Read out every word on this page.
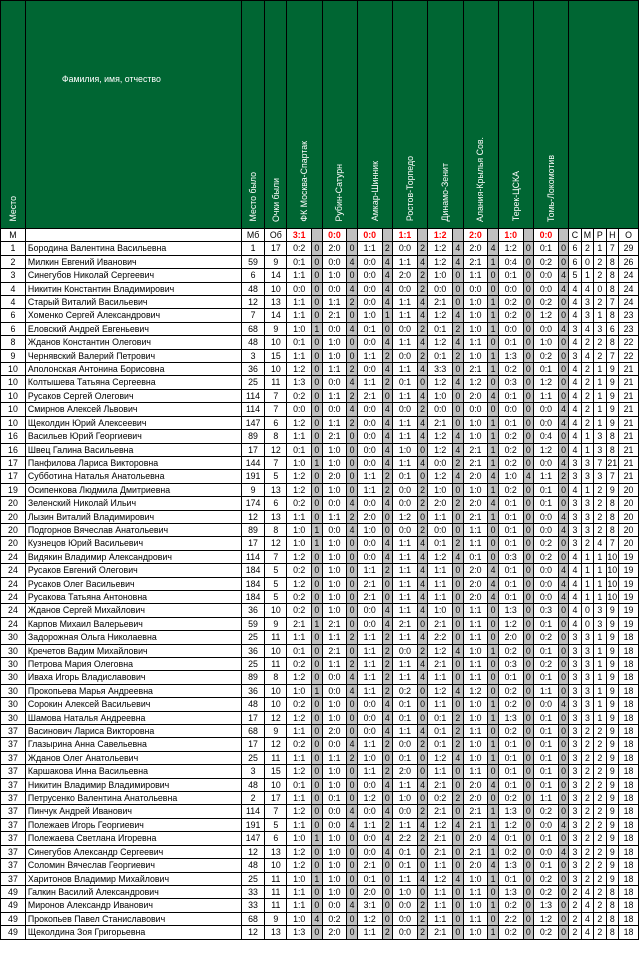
Место	Фамилия, имя, отчество	Место было	Очки были	ФК Москва-Спартак		Рубин-Сатурн		Амкар-Шинник		Ростов-Торпедо		Динамо-Зенит		Алания-Крылья Сов.		Терек-ЦСКА		Томь-Локомотив						
М		Мб	Об	3:1		0:0		0:0		1:1		1:2		2:0		1:0		0:0		С	М	Р	Н	О
1	Бородина Валентина Васильевна	1	17	0:2	0	2:0	0	1:1	2	0:0	2	1:2	4	2:0	4	1:2	0	0:1	0	6	2	1	7	29
2	Милкин Евгений Иванович	59	9	0:1	0	0:0	4	0:0	4	1:1	4	1:2	4	2:1	1	0:4	0	0:2	0	6	0	2	8	26
3	Синегубов Николай Сергеевич	6	14	1:1	0	1:0	0	0:0	4	2:0	2	1:0	0	1:1	0	0:1	0	0:0	4	5	1	2	8	24
4	Никитин Константин Владимирович	48	10	0:0	0	0:0	4	0:0	4	0:0	2	0:0	0	0:0	0	0:0	0	0:0	4	4	4	0	8	24
4	Старый Виталий Васильевич	12	13	1:1	0	1:1	2	0:0	4	1:1	4	2:1	0	1:0	1	0:2	0	0:2	0	4	3	2	7	24
6	Хоменко Сергей Александрович	7	14	1:1	0	2:1	0	1:0	1	1:1	4	1:2	4	1:0	1	0:2	0	1:2	0	4	3	1	8	23
6	Еловский Андрей Евгеньевич	68	9	1:0	1	0:0	4	0:1	0	0:0	2	0:1	2	1:0	1	0:0	0	0:0	4	3	4	3	6	23
8	Жданов Константин Олегович	48	10	0:1	0	1:0	0	0:0	4	1:1	4	1:2	4	1:1	0	0:1	0	1:0	0	4	2	2	8	22
9	Чернявский Валерий Петрович	3	15	1:1	0	1:0	0	1:1	2	0:0	2	0:1	2	1:0	1	1:3	0	0:2	0	3	4	2	7	22
10	Аполонская Антонина Борисовна	36	10	1:2	0	1:1	2	0:0	4	1:1	4	3:3	0	2:1	1	0:2	0	0:1	0	4	2	1	9	21
10	Колтышева Татьяна Сергеевна	25	11	1:3	0	0:0	4	1:1	2	0:1	0	1:2	4	1:2	0	0:3	0	1:2	0	4	2	1	9	21
10	Русаков Сергей Олегович	114	7	0:2	0	1:1	2	2:1	0	1:1	4	1:0	0	2:0	4	0:1	0	1:1	0	4	2	1	9	21
10	Смирнов Алексей Львович	114	7	0:0	0	0:0	4	0:0	4	0:0	2	0:0	0	0:0	0	0:0	0	0:0	4	4	2	1	9	21
10	Щеколдин Юрий Алексеевич	147	6	1:2	0	1:1	2	0:0	4	1:1	4	2:1	0	1:0	1	0:1	0	0:0	4	4	2	1	9	21
16	Васильев Юрий Георгиевич	89	8	1:1	0	2:1	0	0:0	4	1:1	4	1:2	4	1:0	1	0:2	0	0:4	0	4	1	3	8	21
16	Швец Галина Васильевна	17	12	0:1	0	1:0	0	0:0	4	1:0	0	1:2	4	2:1	1	0:2	0	1:2	0	4	1	3	8	21
17	Панфилова Лариса Викторовна	144	7	1:0	1	1:0	0	0:0	4	1:1	4	0:0	2	2:1	1	0:2	0	0:0	4	3	3	7	21	21
17	Субботина Наталья Анатольевна	191	5	1:2	0	2:0	0	1:1	2	0:1	0	1:2	4	2:0	4	1:0	4	1:1	2	3	3	3	7	21
19	Осипенкова Людмила Дмитриевна	9	13	1:2	0	1:0	0	1:1	2	0:0	2	1:0	0	1:0	1	0:2	0	0:1	0	4	1	2	9	20
20	Зеленский Николай Ильич	174	6	0:2	0	0:0	4	0:0	4	0:0	2	2:0	2	2:0	4	0:1	0	0:1	0	3	3	2	8	20
20	Лызин Виталий Владимирович	12	13	1:1	0	1:1	2	2:0	0	1:2	0	1:1	0	2:1	1	0:1	0	0:0	4	3	3	2	8	20
20	Подгорнов Вячеслав Анатольевич	89	8	1:0	1	0:0	4	1:0	0	0:0	2	0:0	0	1:1	0	0:1	0	0:0	4	3	3	2	8	20
20	Кузнецов Юрий Васильевич	17	12	1:0	1	1:0	0	0:0	4	1:1	4	0:1	2	1:1	0	0:1	0	0:2	0	3	2	4	7	20
24	Видякин Владимир Александрович	114	7	1:2	0	1:0	0	0:0	4	1:1	4	1:2	4	0:1	0	0:3	0	0:2	0	4	1	1	10	19
24	Русаков Евгений Олегович	184	5	0:2	0	1:0	0	1:1	2	1:1	4	1:1	0	2:0	4	0:1	0	0:0	4	4	1	1	10	19
24	Русаков Олег Васильевич	184	5	1:2	0	1:0	0	2:1	0	1:1	4	1:1	0	2:0	4	0:1	0	0:0	4	4	1	1	10	19
24	Русакова Татьяна Антоновна	184	5	0:2	0	1:0	0	2:1	0	1:1	4	1:1	0	2:0	4	0:1	0	0:0	4	4	1	1	10	19
24	Жданов Сергей Михайлович	36	10	0:2	0	1:0	0	0:0	4	1:1	4	1:0	0	1:1	0	1:3	0	0:3	0	4	0	3	9	19
24	Карпов Михаил Валерьевич	59	9	2:1	1	2:1	0	0:0	4	2:1	0	2:1	0	1:1	0	1:2	0	0:1	0	4	0	3	9	19
30	Задорожная Ольга Николаевна	25	11	1:1	0	1:1	2	1:1	2	1:1	4	2:2	0	1:1	0	2:0	0	0:2	0	3	3	1	9	18
30	Кречетов Вадим Михайлович	36	10	0:1	0	2:1	0	1:1	2	0:0	2	1:2	4	1:0	1	0:2	0	0:1	0	3	3	1	9	18
30	Петрова Мария Олеговна	25	11	0:2	0	1:1	2	1:1	2	1:1	4	2:1	0	1:1	0	0:3	0	0:2	0	3	3	1	9	18
30	Иваха Игорь Владиславович	89	8	1:2	0	0:0	4	1:1	2	1:1	4	1:1	0	1:1	0	0:1	0	0:1	0	3	3	1	9	18
30	Прокопьева Марья Андреевна	36	10	1:0	1	0:0	4	1:1	2	0:2	0	1:2	4	1:2	0	0:2	0	1:1	0	3	3	1	9	18
30	Сорокин Алексей Васильевич	48	10	0:2	0	1:0	0	0:0	4	0:1	0	1:1	0	1:0	1	0:2	0	0:0	4	3	3	1	9	18
30	Шамова Наталья Андреевна	17	12	1:2	0	1:0	0	0:0	4	0:1	0	0:1	2	1:0	1	1:3	0	0:1	0	3	3	1	9	18
37	Васинович Лариса Викторовна	68	9	1:1	0	2:0	0	0:0	4	1:1	4	0:1	2	1:1	0	0:2	0	0:1	0	3	2	2	9	18
37	Глазырина Анна Савельевна	17	12	0:2	0	0:0	4	1:1	2	0:0	2	0:1	2	1:0	1	0:1	0	0:1	0	3	2	2	9	18
37	Жданов Олег Анатольевич	25	11	1:1	0	1:1	2	1:0	0	0:1	0	1:2	4	1:0	1	0:1	0	0:1	0	3	2	2	9	18
37	Каршакова Инна Васильевна	3	15	1:2	0	1:0	0	1:1	2	2:0	0	1:1	0	1:1	0	0:1	0	0:1	0	3	2	2	9	18
37	Никитин Владимир Владимирович	48	10	0:1	0	1:0	0	0:0	4	1:1	4	2:1	0	2:0	4	0:1	0	0:1	0	3	2	2	9	18
37	Петрусенко Валентина Анатольевна	2	17	1:1	0	0:1	0	1:2	0	1:0	0	0:2	2	2:0	0	0:2	0	1:1	0	3	2	2	9	18
37	Пинчук Андрей Иванович	114	7	1:2	0	0:0	4	0:0	4	0:0	2	2:1	0	2:1	1	1:3	0	0:2	0	3	2	2	9	18
37	Полежаев Игорь Георгиевич	191	5	1:1	0	0:0	4	1:1	2	1:1	4	1:2	4	2:1	1	1:2	0	0:0	4	3	2	2	9	18
37	Полежаева Светлана Игоревна	147	6	1:0	1	1:0	0	0:0	4	2:2	2	2:1	0	2:0	4	0:1	0	0:1	0	3	2	2	9	18
37	Синегубов Александр Сергеевич	12	13	1:2	0	1:0	0	0:0	4	0:1	0	2:1	0	2:1	1	0:2	0	0:0	4	3	2	2	9	18
37	Соломин Вячеслав Георгиевич	48	10	1:2	0	1:0	0	2:1	0	0:1	0	1:1	0	2:0	4	1:3	0	0:1	0	3	2	2	9	18
37	Харитонов Владимир Михайлович	25	11	1:0	1	1:0	0	0:1	0	1:1	4	1:2	4	1:0	1	0:1	0	0:2	0	3	2	2	9	18
49	Галкин Василий Александрович	33	11	1:1	0	1:0	0	2:0	0	1:0	0	1:1	0	1:1	0	1:3	0	0:2	0	2	4	2	8	18
49	Миронов Александр Иванович	33	11	1:1	0	0:0	4	3:1	0	0:0	2	1:1	0	1:0	1	0:2	0	1:3	0	2	4	2	8	18
49	Прокопьев Павел Станиславович	68	9	1:0	4	0:2	0	1:2	0	0:0	2	1:1	0	1:1	0	2:2	0	1:2	0	2	4	2	8	18
49	Щеколдина Зоя Григорьевна	12	13	1:3	0	2:0	0	1:1	2	0:0	2	2:1	0	1:0	1	0:2	0	0:2	0	2	4	2	8	18
